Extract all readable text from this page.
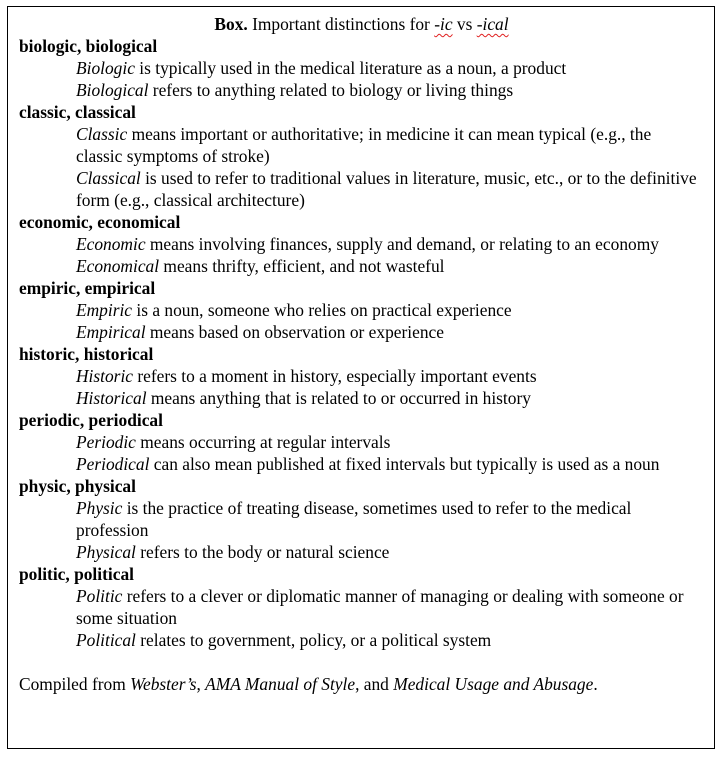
Box. Important distinctions for -ic vs -ical
biologic, biological
Biologic is typically used in the medical literature as a noun, a product
Biological refers to anything related to biology or living things
classic, classical
Classic means important or authoritative; in medicine it can mean typical (e.g., the classic symptoms of stroke)
Classical is used to refer to traditional values in literature, music, etc., or to the definitive form (e.g., classical architecture)
economic, economical
Economic means involving finances, supply and demand, or relating to an economy
Economical means thrifty, efficient, and not wasteful
empiric, empirical
Empiric is a noun, someone who relies on practical experience
Empirical means based on observation or experience
historic, historical
Historic refers to a moment in history, especially important events
Historical means anything that is related to or occurred in history
periodic, periodical
Periodic means occurring at regular intervals
Periodical can also mean published at fixed intervals but typically is used as a noun
physic, physical
Physic is the practice of treating disease, sometimes used to refer to the medical profession
Physical refers to the body or natural science
politic, political
Politic refers to a clever or diplomatic manner of managing or dealing with someone or some situation
Political relates to government, policy, or a political system
Compiled from Webster’s, AMA Manual of Style, and Medical Usage and Abusage.
